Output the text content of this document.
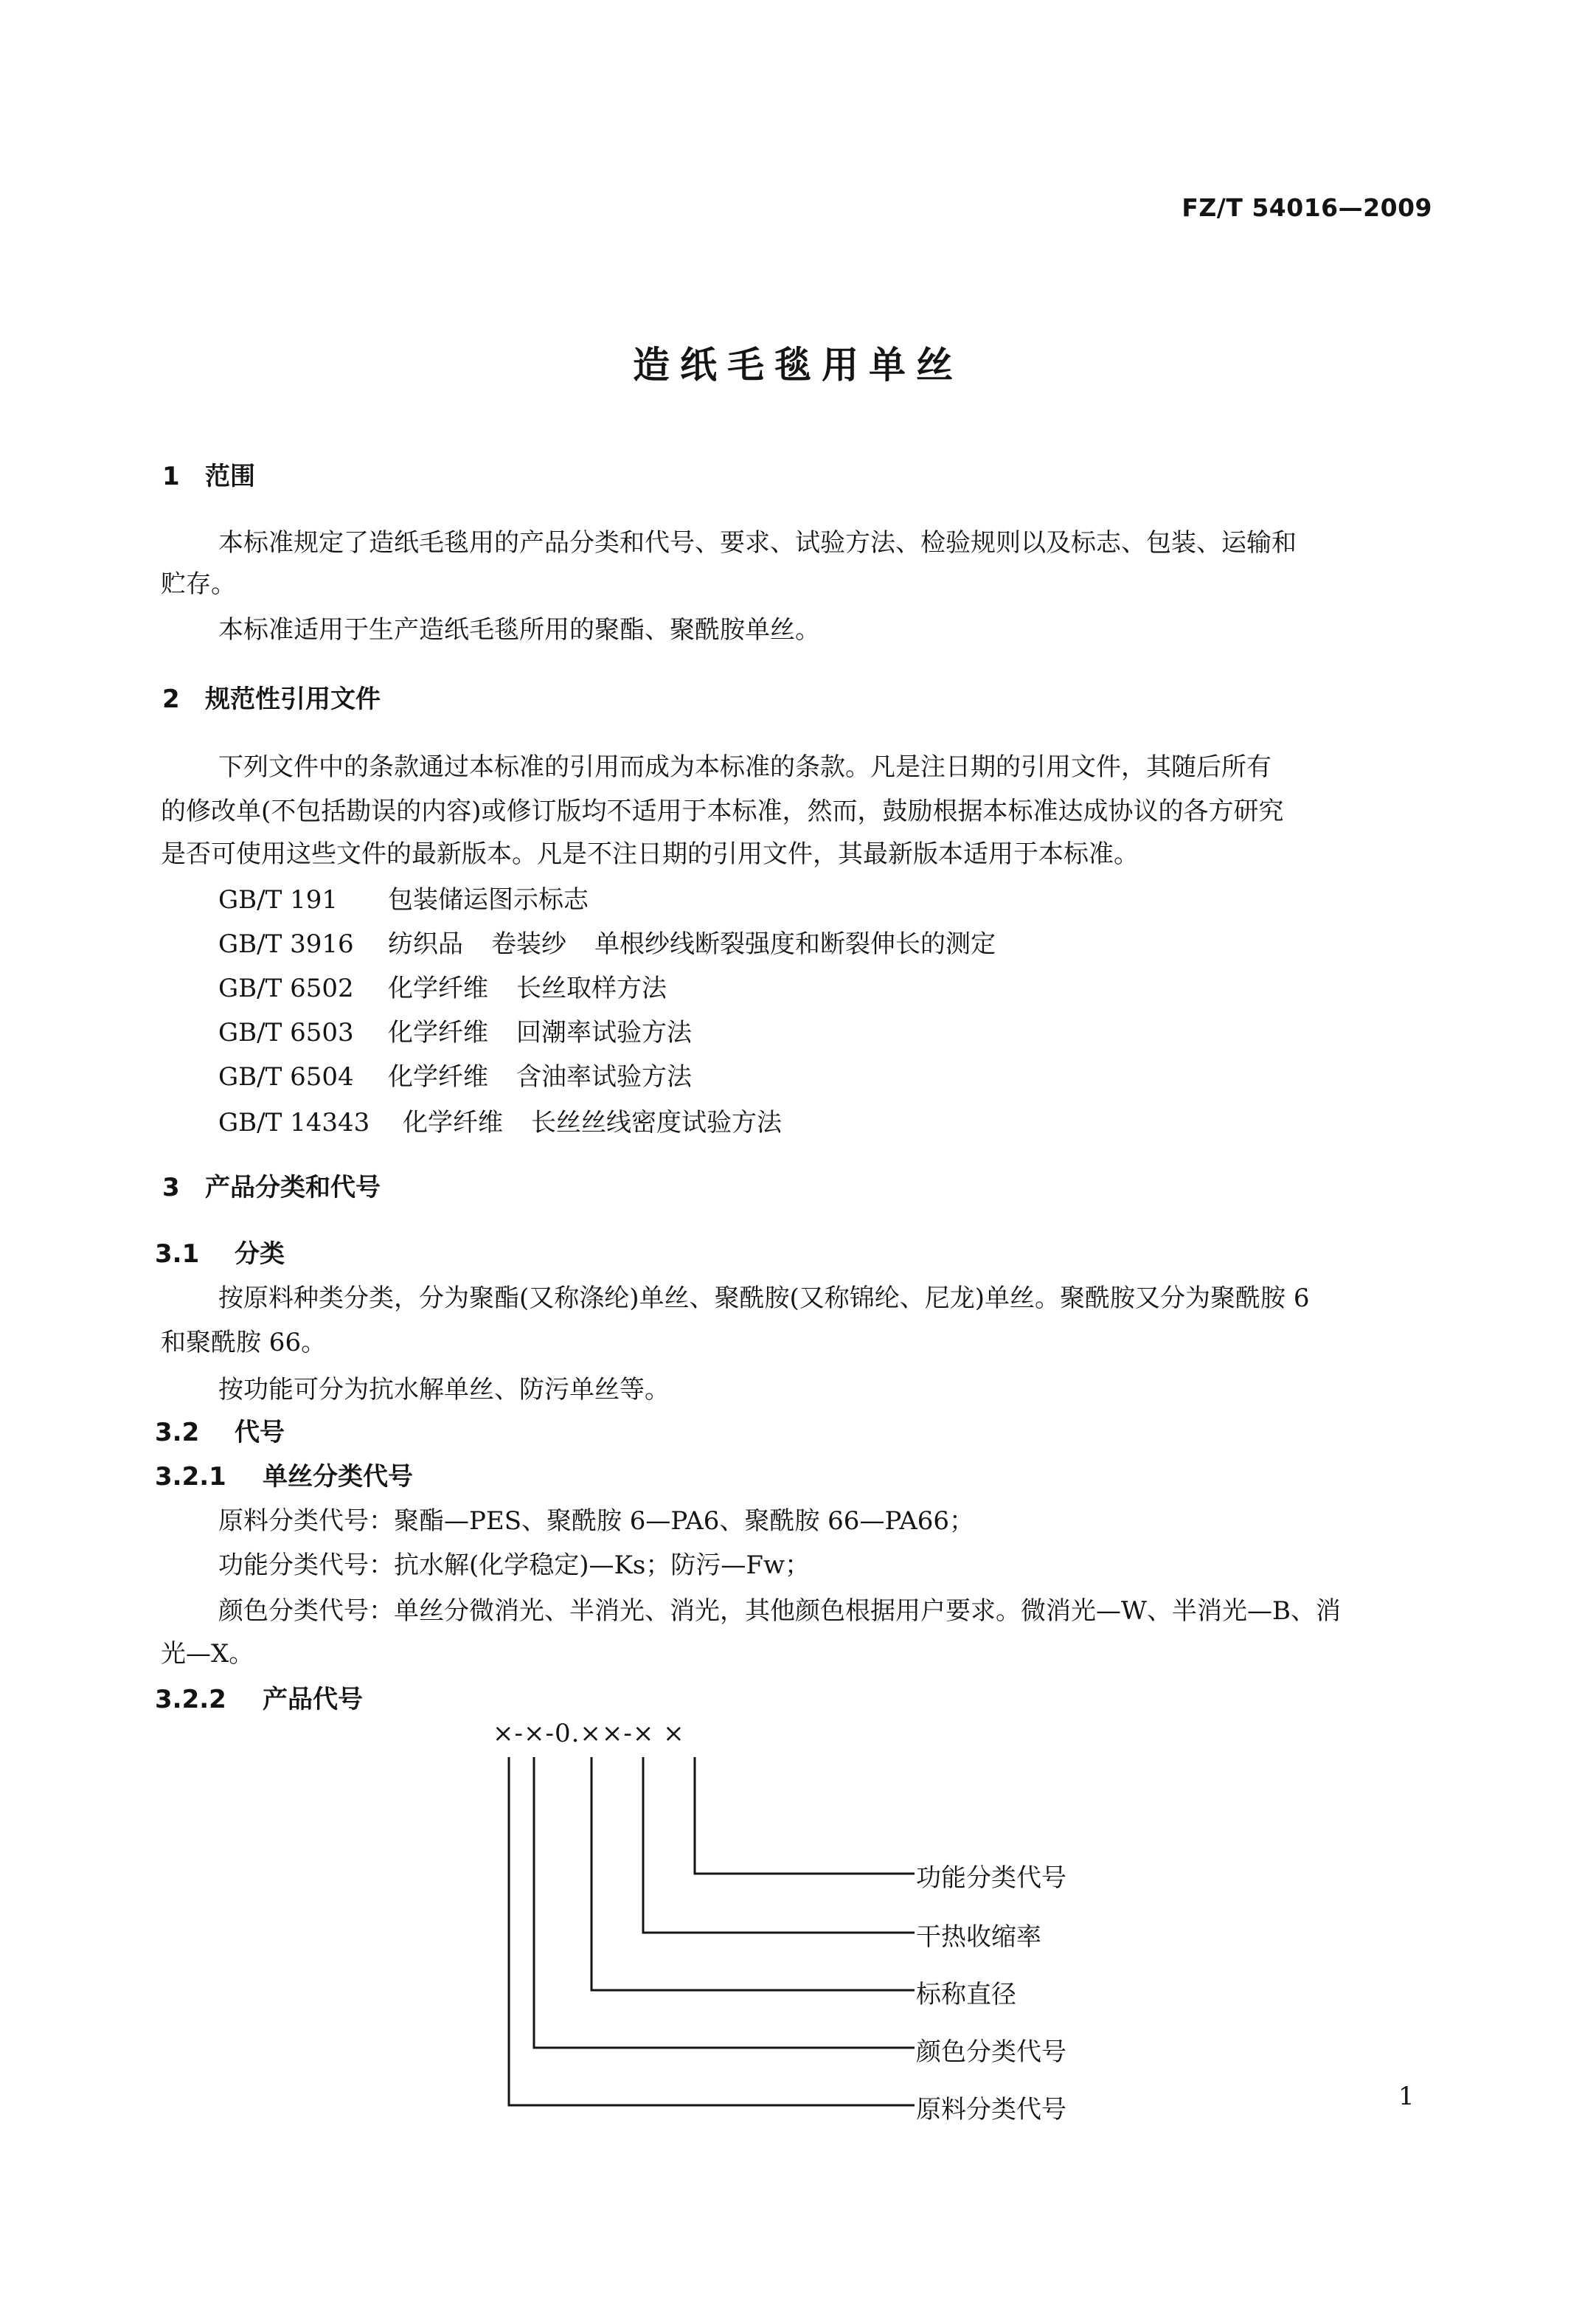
FZ/T 54016—2009
造纸毛毯用单丝
1 范围

本标准规定了造纸毛毯用的产品分类和代号、要求、试验方法、检验规则以及标志、包装、运输和

贮存。

本标准适用于生产造纸毛毯所用的聚酯、聚酰胺单丝。

2 规范性引用文件

下列文件中的条款通过本标准的引用而成为本标准的条款。凡是注日期的引用文件，其随后所有

的修改单(不包括勘误的内容)或修订版均不适用于本标准，然而，鼓励根据本标准达成协议的各方研究

是否可使用这些文件的最新版本。凡是不注日期的引用文件，其最新版本适用于本标准。

GB/T 191 包装储运图示标志
GB/T 3916 纺织品 卷装纱 单根纱线断裂强度和断裂伸长的测定
GB/T 6502 化学纤维 长丝取样方法
GB/T 6503 化学纤维 回潮率试验方法
GB/T 6504 化学纤维 含油率试验方法
GB/T 14343 化学纤维 长丝丝线密度试验方法
3 产品分类和代号
3.1 分类

按原料种类分类，分为聚酯(又称涤纶)单丝、聚酰胺(又称锦纶、尼龙)单丝。聚酰胺又分为聚酰胺 6

和聚酰胺 66。

按功能可分为抗水解单丝、防污单丝等。

3.2 代号
3.2.1 单丝分类代号

原料分类代号：聚酯—PES、聚酰胺 6—PA6、聚酰胺 66—PA66；

功能分类代号：抗水解(化学稳定)—Ks；防污—Fw；

颜色分类代号：单丝分微消光、半消光、消光，其他颜色根据用户要求。微消光—W、半消光—B、消

光—X。

3.2.2 产品代号
×-×-0.××-× ×
功能分类代号
干热收缩率
标称直径
颜色分类代号
原料分类代号	1
